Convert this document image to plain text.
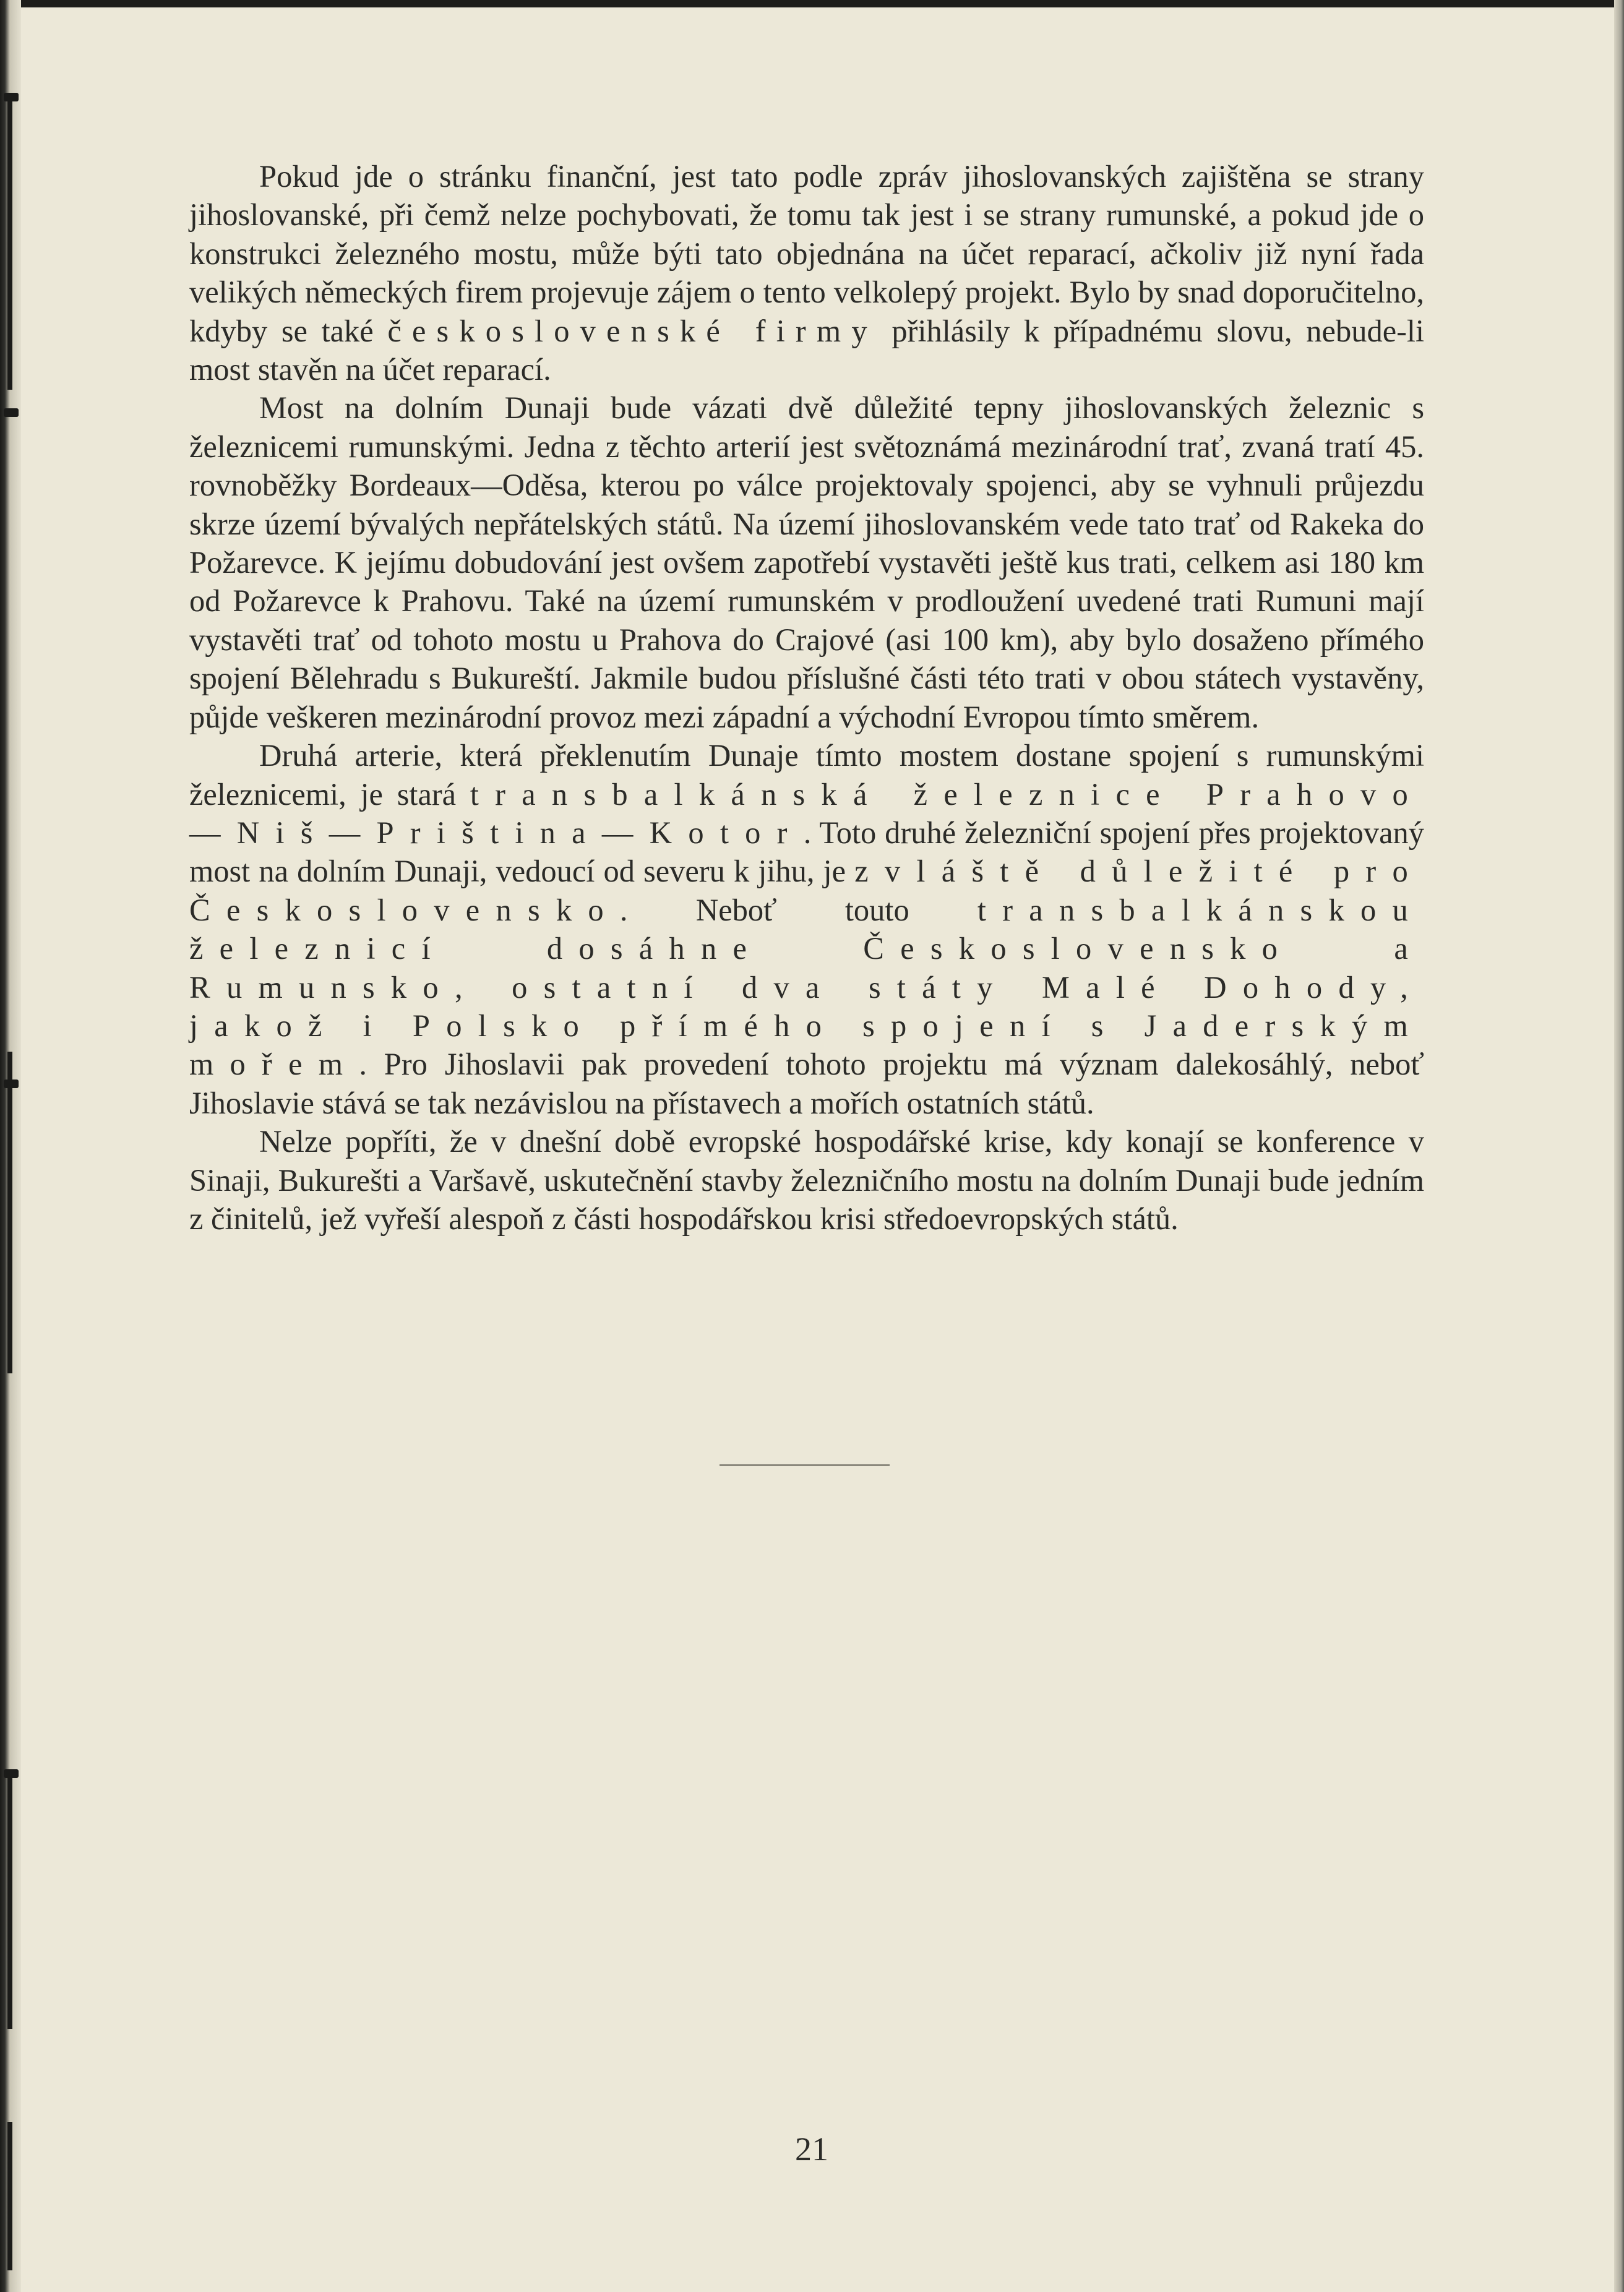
Pokud jde o stránku finanční, jest tato podle zpráv jihoslovanských zajištěna se strany jihoslovanské, při čemž nelze pochybovati, že tomu tak jest i se strany rumunské, a pokud jde o konstrukci železného mostu, může býti tato objednána na účet reparací, ačkoliv již nyní řada velikých německých firem projevuje zájem o tento velkolepý projekt. Bylo by snad doporučitelno, kdyby se také československé firmy přihlásily k případnému slovu, nebude-li most stavěn na účet reparací.

Most na dolním Dunaji bude vázati dvě důležité tepny jihoslovanských železnic s železnicemi rumunskými. Jedna z těchto arterií jest světoznámá mezinárodní trať, zvaná tratí 45. rovnoběžky Bordeaux—Oděsa, kterou po válce projektovaly spojenci, aby se vyhnuli průjezdu skrze území bývalých nepřátelských států. Na území jihoslovanském vede tato trať od Rakeka do Požarevce. K jejímu dobudování jest ovšem zapotřebí vystavěti ještě kus trati, celkem asi 180 km od Požarevce k Prahovu. Také na území rumunském v prodloužení uvedené trati Rumuni mají vystavěti trať od tohoto mostu u Prahova do Crajové (asi 100 km), aby bylo dosaženo přímého spojení Bělehradu s Bukureští. Jakmile budou příslušné části této trati v obou státech vystavěny, půjde veškeren mezinárodní provoz mezi západní a východní Evropou tímto směrem.

Druhá arterie, která překlenutím Dunaje tímto mostem dostane spojení s rumunskými železnicemi, je stará transbalkánská železnice Prahovo—Niš—Priština—Kotor. Toto druhé železniční spojení přes projektovaný most na dolním Dunaji, vedoucí od severu k jihu, je zvláště důležité pro Československo. Neboť touto transbalkánskou železnicí dosáhne Československo a Rumunsko, ostatní dva státy Malé Dohody, jakož i Polsko přímého spojení s Jaderským mořem. Pro Jihoslavii pak provedení tohoto projektu má význam dalekosáhlý, neboť Jihoslavie stává se tak nezávislou na přístavech a mořích ostatních států.

Nelze popříti, že v dnešní době evropské hospodářské krise, kdy konají se konference v Sinaji, Bukurešti a Varšavě, uskutečnění stavby železničního mostu na dolním Dunaji bude jedním z činitelů, jež vyřeší alespoň z části hospodářskou krisi středoevropských států.

21
